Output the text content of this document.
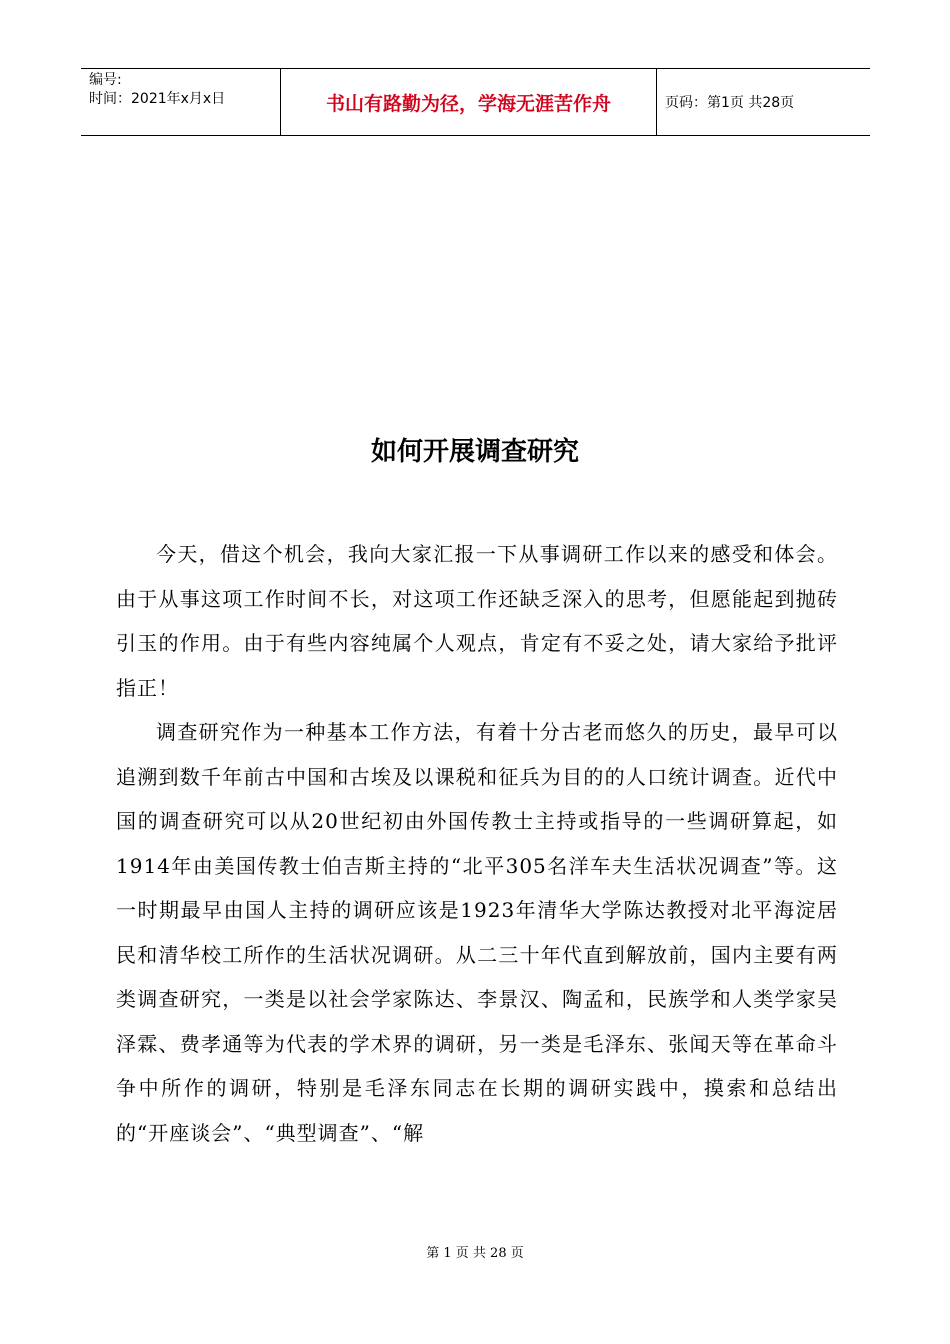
编号:
时间：2021年x月x日	书山有路勤为径，学海无涯苦作舟	页码：第1页 共28页
如何开展调查研究

今天，借这个机会，我向大家汇报一下从事调研工作以来的感受和体会。由于从事这项工作时间不长，对这项工作还缺乏深入的思考，但愿能起到抛砖引玉的作用。由于有些内容纯属个人观点，肯定有不妥之处，请大家给予批评指正！

调查研究作为一种基本工作方法，有着十分古老而悠久的历史，最早可以追溯到数千年前古中国和古埃及以课税和征兵为目的的人口统计调查。近代中国的调查研究可以从20世纪初由外国传教士主持或指导的一些调研算起，如1914年由美国传教士伯吉斯主持的“北平305名洋车夫生活状况调查”等。这一时期最早由国人主持的调研应该是1923年清华大学陈达教授对北平海淀居民和清华校工所作的生活状况调研。从二三十年代直到解放前，国内主要有两类调查研究，一类是以社会学家陈达、李景汉、陶孟和，民族学和人类学家吴泽霖、费孝通等为代表的学术界的调研，另一类是毛泽东、张闻天等在革命斗争中所作的调研，特别是毛泽东同志在长期的调研实践中，摸索和总结出的“开座谈会”、“典型调查”、“解

第 1 页 共 28 页
